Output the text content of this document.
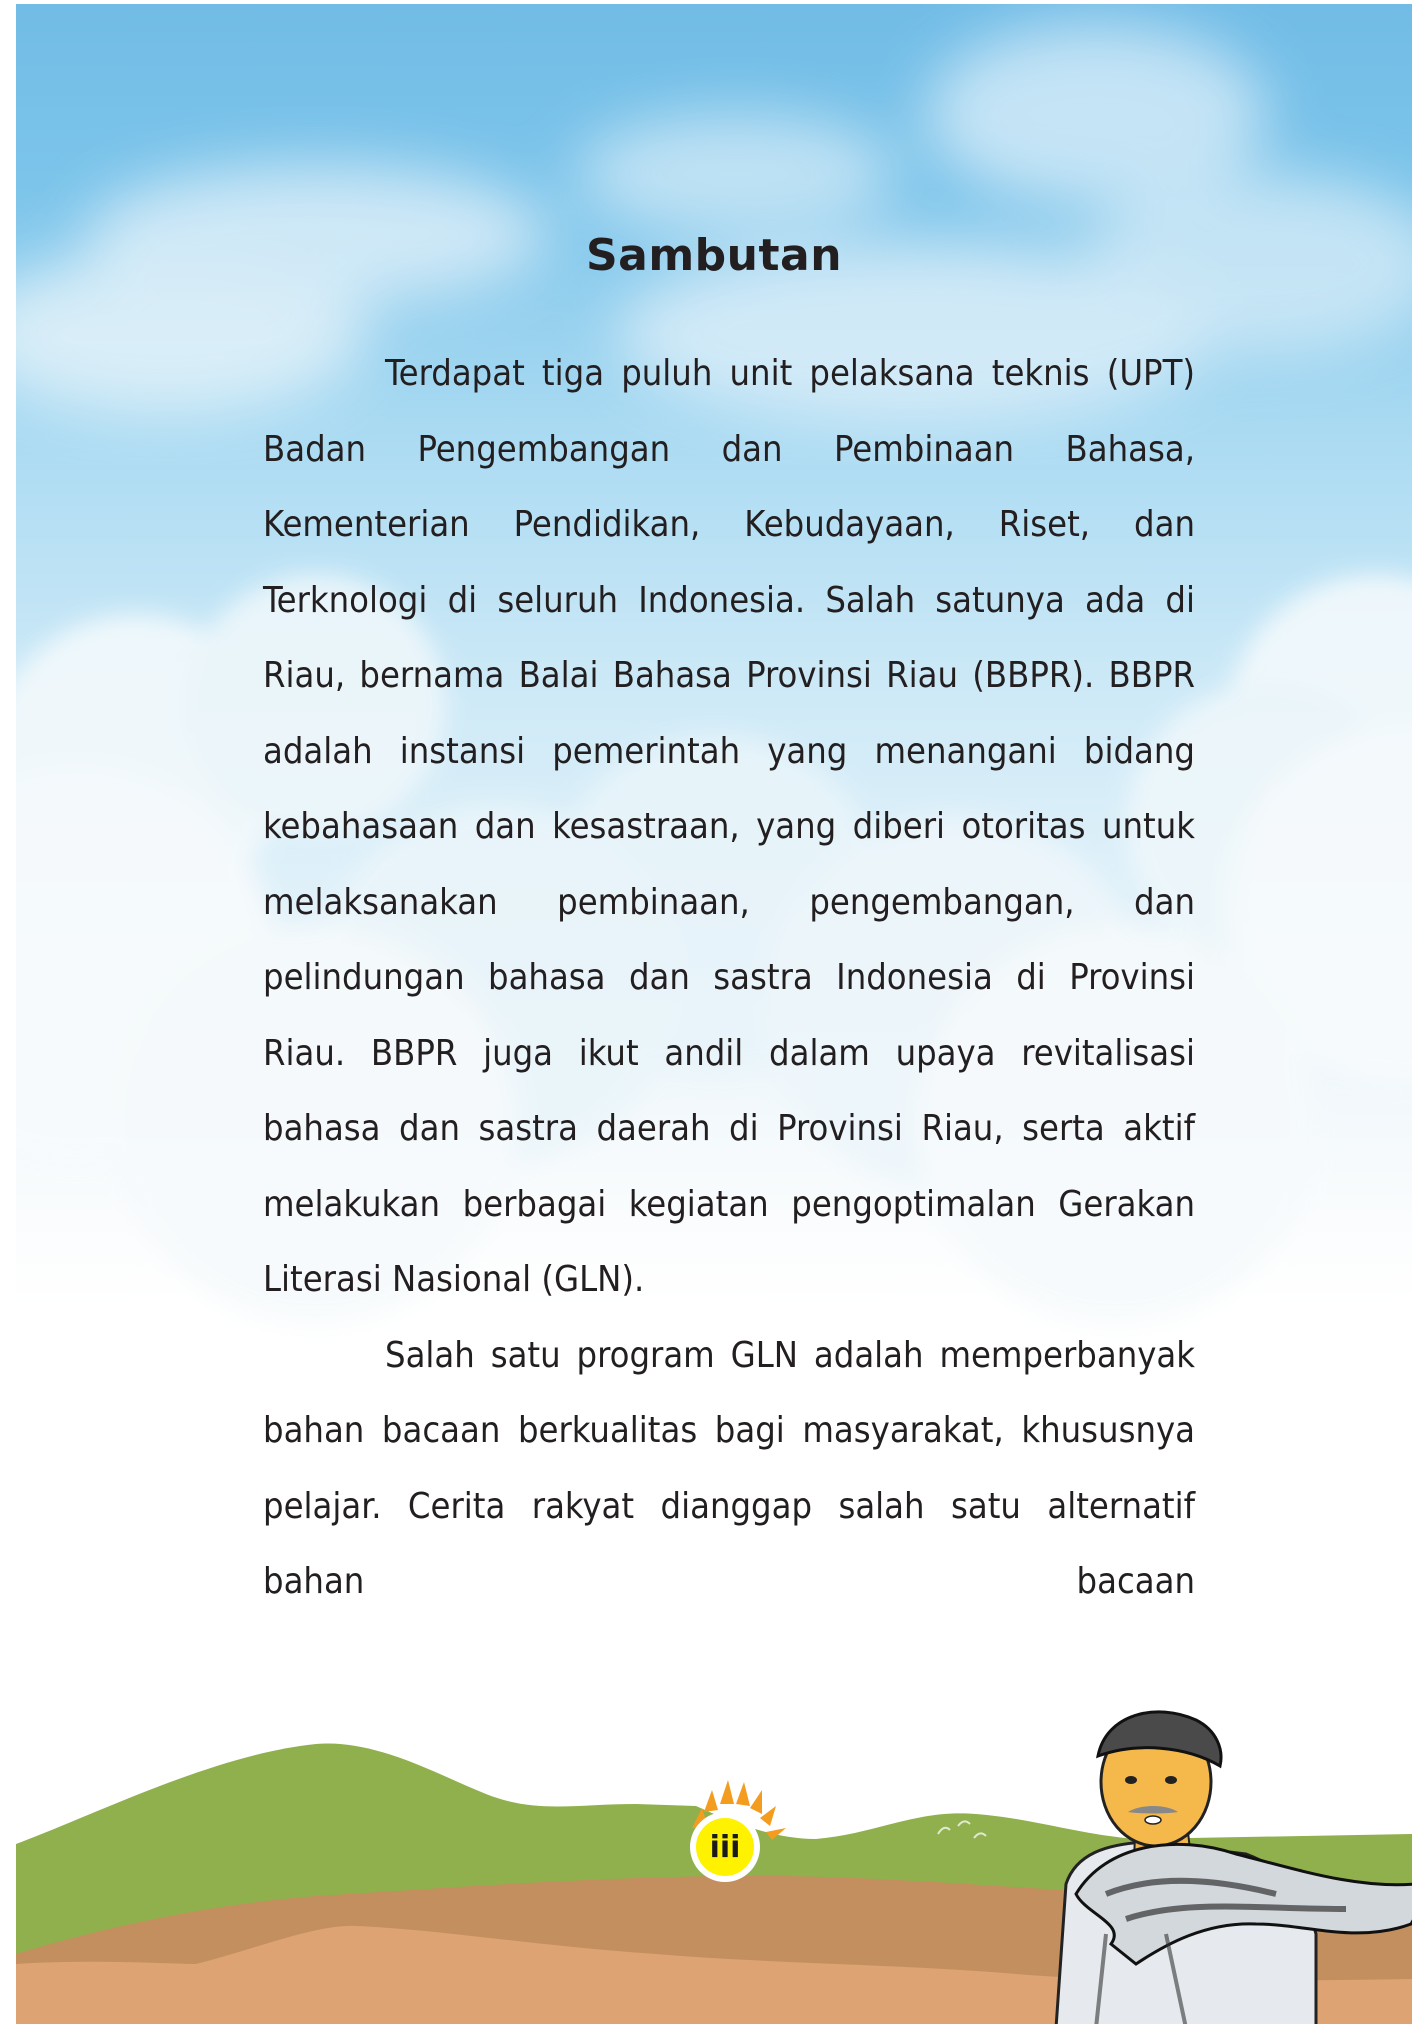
Sambutan

Terdapat tiga puluh unit pelaksana teknis (UPT) Badan Pengembangan dan Pembinaan Bahasa, Kementerian Pendidikan, Kebudayaan, Riset, dan Terknologi di seluruh Indonesia. Salah satunya ada di Riau, bernama Balai Bahasa Provinsi Riau (BBPR). BBPR adalah instansi pemerintah yang menangani bidang kebahasaan dan kesastraan, yang diberi otoritas untuk melaksanakan pembinaan, pengembangan, dan pelindungan bahasa dan sastra Indonesia di Provinsi Riau. BBPR juga ikut andil dalam upaya revitalisasi bahasa dan sastra daerah di Provinsi Riau, serta aktif melakukan berbagai kegiatan pengoptimalan Gerakan Literasi Nasional (GLN).

Salah satu program GLN adalah memperbanyak bahan bacaan berkualitas bagi masyarakat, khususnya pelajar. Cerita rakyat dianggap salah satu alternatif bahan bacaan

iii
